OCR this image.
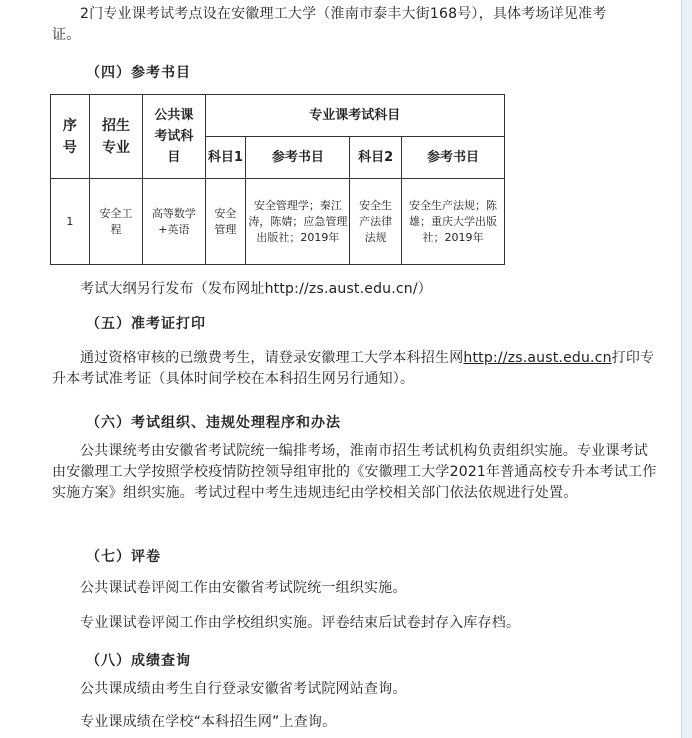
2门专业课考试考点设在安徽理工大学（淮南市泰丰大街168号），具体考场详见准考
证。
（四）参考书目
序号	招生专业	公共课考试科目	专业课考试科目			
			科目1	参考书目	科目2	参考书目
1	安全工程	高等数学+英语	安全管理	安全管理学；秦江涛，陈婧；应急管理出版社；2019年	安全生产法律法规	安全生产法规；陈雄；重庆大学出版社；2019年
考试大纲另行发布（发布网址http://zs.aust.edu.cn/）
（五）准考证打印
通过资格审核的已缴费考生，请登录安徽理工大学本科招生网http://zs.aust.edu.cn打印专升本考试准考证（具体时间学校在本科招生网另行通知）。
（六）考试组织、违规处理程序和办法
公共课统考由安徽省考试院统一编排考场，淮南市招生考试机构负责组织实施。专业课考试由安徽理工大学按照学校疫情防控领导组审批的《安徽理工大学2021年普通高校专升本考试工作实施方案》组织实施。考试过程中考生违规违纪由学校相关部门依法依规进行处置。
（七）评卷
公共课试卷评阅工作由安徽省考试院统一组织实施。
专业课试卷评阅工作由学校组织实施。评卷结束后试卷封存入库存档。
（八）成绩查询
公共课成绩由考生自行登录安徽省考试院网站查询。
专业课成绩在学校“本科招生网”上查询。
